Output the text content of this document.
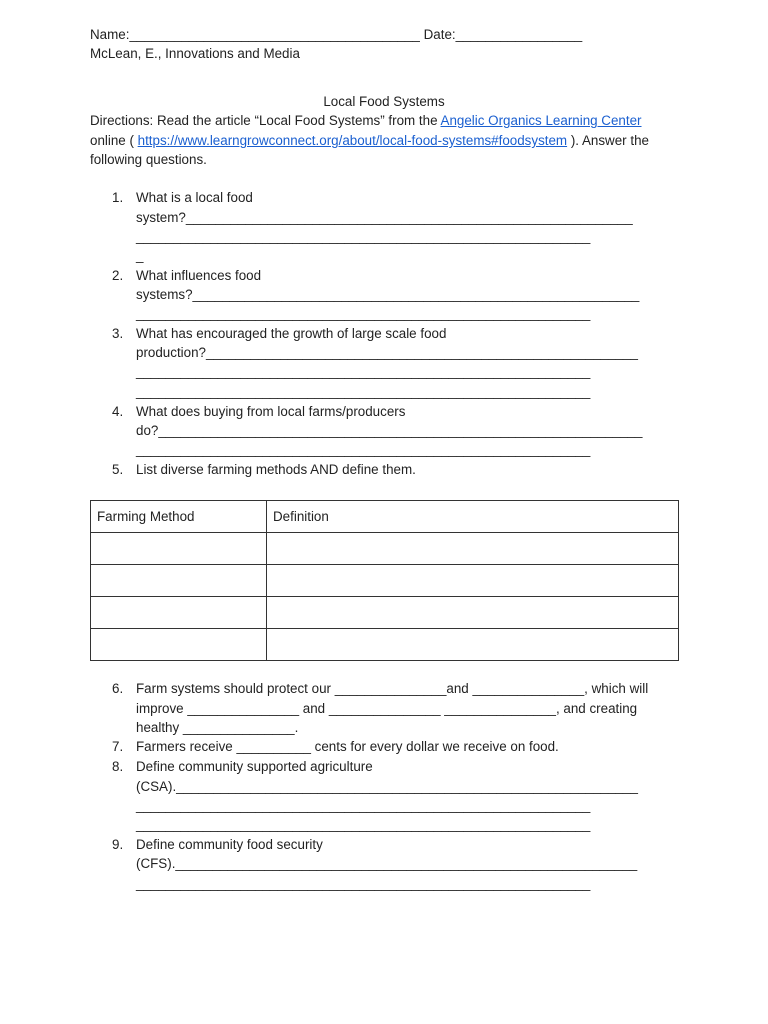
Name:_______________________________________ Date:_________________
McLean, E., Innovations and Media
Local Food Systems
Directions: Read the article “Local Food Systems” from the Angelic Organics Learning Center
online ( https://www.learngrowconnect.org/about/local-food-systems#foodsystem ). Answer the
following questions.
1. What is a local food
system?____________________________________________________________
_____________________________________________________________
_
2. What influences food
systems?____________________________________________________________
_____________________________________________________________
3. What has encouraged the growth of large scale food
production?__________________________________________________________
_____________________________________________________________
_____________________________________________________________
4. What does buying from local farms/producers
do?_________________________________________________________________
_____________________________________________________________
5. List diverse farming methods AND define them.
Farming Method	Definition

6. Farm systems should protect our _______________and _______________, which will
improve _______________ and _______________ _______________, and creating
healthy _______________.
7. Farmers receive __________ cents for every dollar we receive on food.
8. Define community supported agriculture
(CSA).______________________________________________________________
_____________________________________________________________
_____________________________________________________________
9. Define community food security
(CFS).______________________________________________________________
_____________________________________________________________
